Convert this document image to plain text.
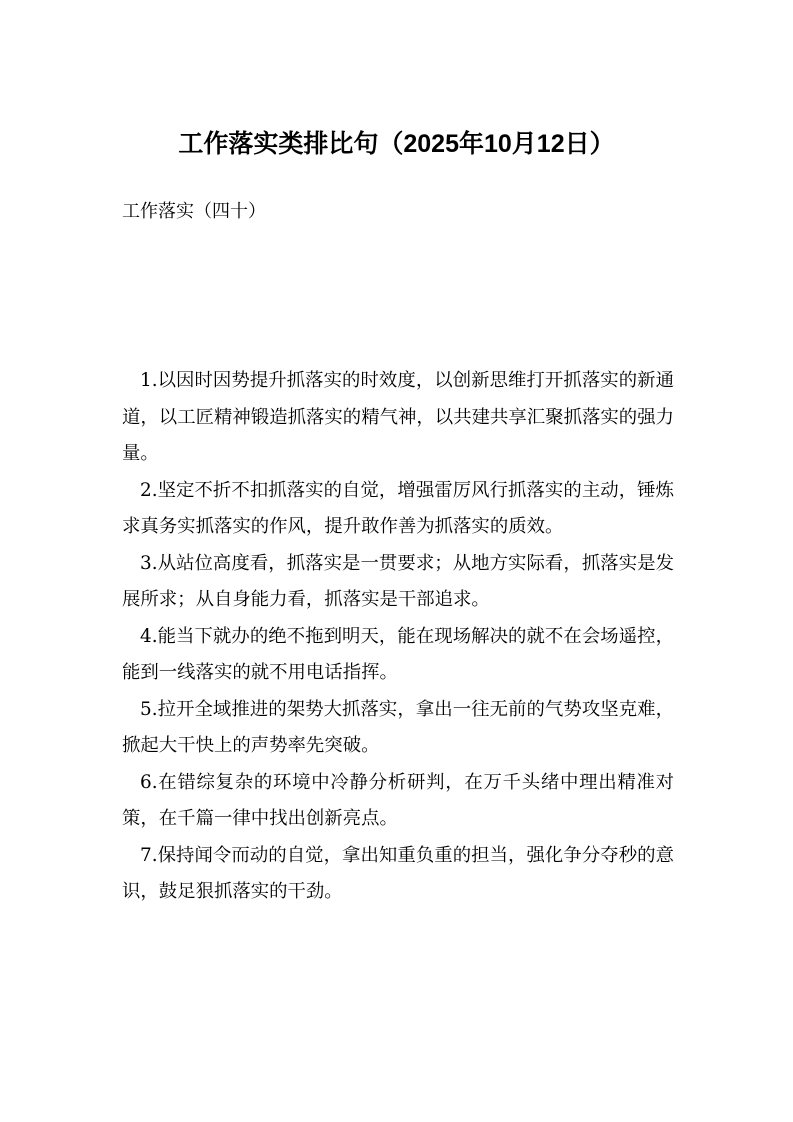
工作落实类排比句（2025年10月12日）

工作落实（四十）

1.以因时因势提升抓落实的时效度，以创新思维打开抓落实的新通道，以工匠精神锻造抓落实的精气神，以共建共享汇聚抓落实的强力量。

2.坚定不折不扣抓落实的自觉，增强雷厉风行抓落实的主动，锤炼求真务实抓落实的作风，提升敢作善为抓落实的质效。

3.从站位高度看，抓落实是一贯要求；从地方实际看，抓落实是发展所求；从自身能力看，抓落实是干部追求。

4.能当下就办的绝不拖到明天，能在现场解决的就不在会场遥控，能到一线落实的就不用电话指挥。

5.拉开全域推进的架势大抓落实，拿出一往无前的气势攻坚克难，掀起大干快上的声势率先突破。

6.在错综复杂的环境中冷静分析研判，在万千头绪中理出精准对策，在千篇一律中找出创新亮点。

7.保持闻令而动的自觉，拿出知重负重的担当，强化争分夺秒的意识，鼓足狠抓落实的干劲。
